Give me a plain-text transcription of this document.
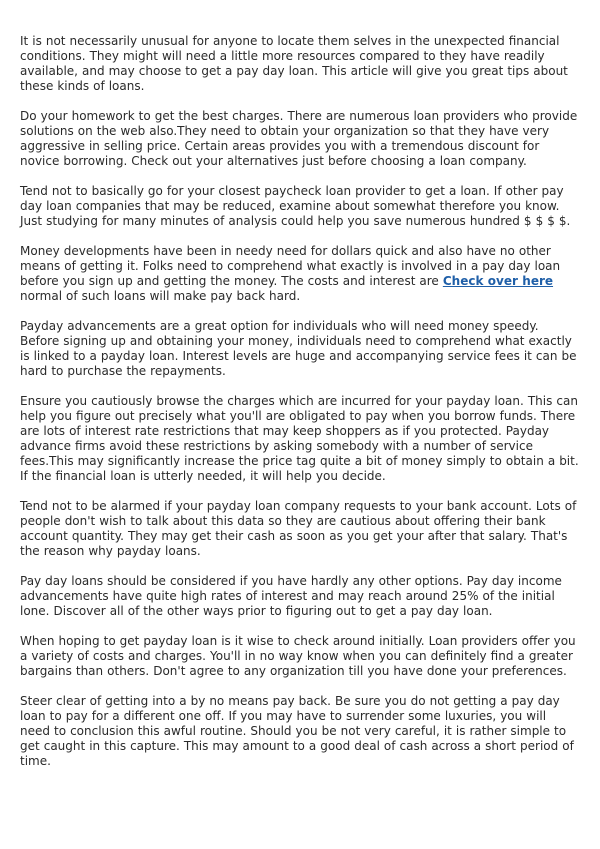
It is not necessarily unusual for anyone to locate them selves in the unexpected financial conditions. They might will need a little more resources compared to they have readily available, and may choose to get a pay day loan. This article will give you great tips about these kinds of loans.

Do your homework to get the best charges. There are numerous loan providers who provide solutions on the web also.They need to obtain your organization so that they have very aggressive in selling price. Certain areas provides you with a tremendous discount for novice borrowing. Check out your alternatives just before choosing a loan company.

Tend not to basically go for your closest paycheck loan provider to get a loan. If other pay day loan companies that may be reduced, examine about somewhat therefore you know. Just studying for many minutes of analysis could help you save numerous hundred $ $ $ $.

Money developments have been in needy need for dollars quick and also have no other means of getting it. Folks need to comprehend what exactly is involved in a pay day loan before you sign up and getting the money. The costs and interest are Check over here normal of such loans will make pay back hard.

Payday advancements are a great option for individuals who will need money speedy. Before signing up and obtaining your money, individuals need to comprehend what exactly is linked to a payday loan. Interest levels are huge and accompanying service fees it can be hard to purchase the repayments.

Ensure you cautiously browse the charges which are incurred for your payday loan. This can help you figure out precisely what you'll are obligated to pay when you borrow funds. There are lots of interest rate restrictions that may keep shoppers as if you protected. Payday advance firms avoid these restrictions by asking somebody with a number of service fees.This may significantly increase the price tag quite a bit of money simply to obtain a bit. If the financial loan is utterly needed, it will help you decide.

Tend not to be alarmed if your payday loan company requests to your bank account. Lots of people don't wish to talk about this data so they are cautious about offering their bank account quantity. They may get their cash as soon as you get your after that salary. That's the reason why payday loans.

Pay day loans should be considered if you have hardly any other options. Pay day income advancements have quite high rates of interest and may reach around 25% of the initial lone. Discover all of the other ways prior to figuring out to get a pay day loan.

When hoping to get payday loan is it wise to check around initially. Loan providers offer you a variety of costs and charges. You'll in no way know when you can definitely find a greater bargains than others. Don't agree to any organization till you have done your preferences.

Steer clear of getting into a by no means pay back. Be sure you do not getting a pay day loan to pay for a different one off. If you may have to surrender some luxuries, you will need to conclusion this awful routine. Should you be not very careful, it is rather simple to get caught in this capture. This may amount to a good deal of cash across a short period of time.
